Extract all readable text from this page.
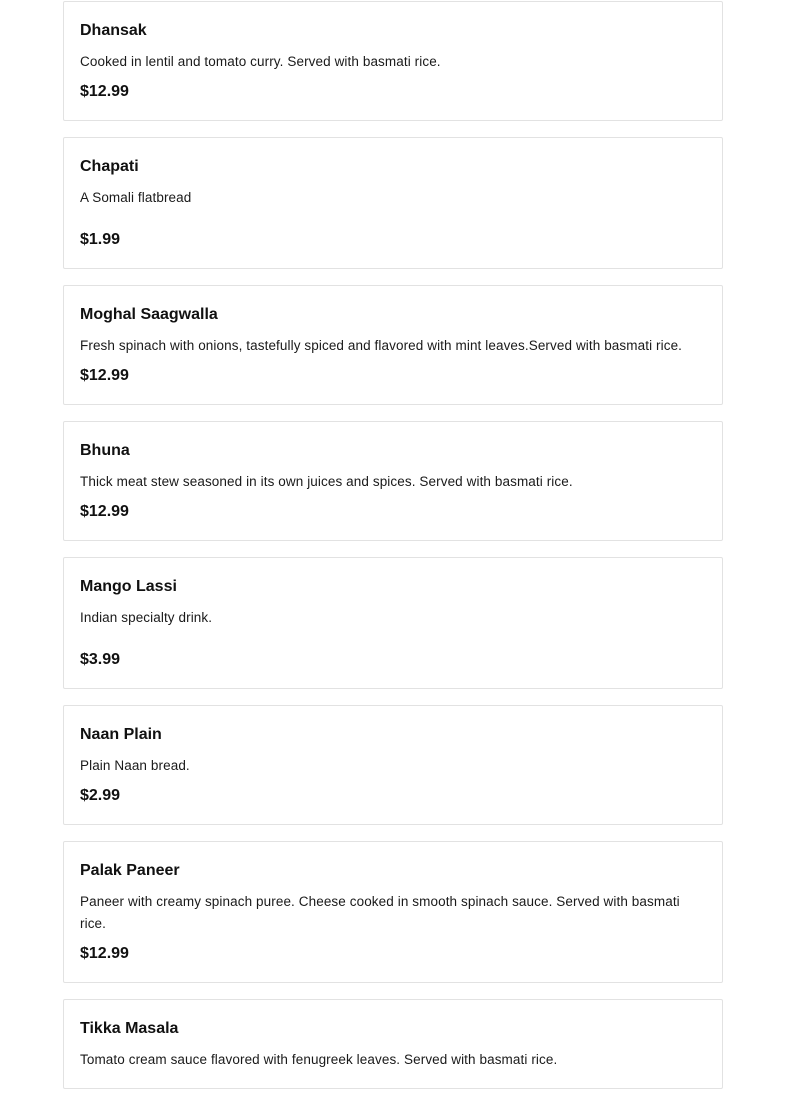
Dhansak
Cooked in lentil and tomato curry. Served with basmati rice.
$12.99
Chapati
A Somali flatbread
$1.99
Moghal Saagwalla
Fresh spinach with onions, tastefully spiced and flavored with mint leaves.Served with basmati rice.
$12.99
Bhuna
Thick meat stew seasoned in its own juices and spices. Served with basmati rice.
$12.99
Mango Lassi
Indian specialty drink.
$3.99
Naan Plain
Plain Naan bread.
$2.99
Palak Paneer
Paneer with creamy spinach puree. Cheese cooked in smooth spinach sauce. Served with basmati rice.
$12.99
Tikka Masala
Tomato cream sauce flavored with fenugreek leaves. Served with basmati rice.
